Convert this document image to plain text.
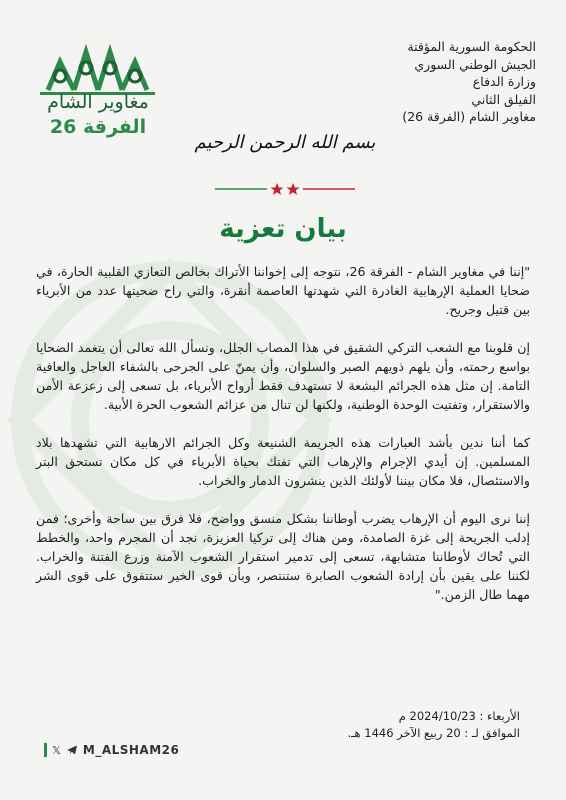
مغاوير الشام
الفرقة 26
الحكومة السورية المؤقتة
الجيش الوطني السوري
وزارة الدفاع
الفيلق الثاني
مغاوير الشام (الفرقة 26)
بسم الله الرحمن الرحيم
بيان تعزية

"إننا في مغاوير الشام - الفرقة 26، نتوجه إلى إخواننا الأتراك بخالص التعازي القلبية الحارة، في ضحايا العملية الإرهابية الغادرة التي شهدتها العاصمة أنقرة، والتي راح ضحيتها عدد من الأبرياء بين قتيل وجريح.

إن قلوبنا مع الشعب التركي الشقيق في هذا المصاب الجلل، ونسأل الله تعالى أن يتغمد الضحايا بواسع رحمته، وأن يلهم ذويهم الصبر والسلوان، وأن يمنّ على الجرحى بالشفاء العاجل والعافية التامة. إن مثل هذه الجرائم البشعة لا تستهدف فقط أرواح الأبرياء، بل تسعى إلى زعزعة الأمن والاستقرار، وتفتيت الوحدة الوطنية، ولكنها لن تنال من عزائم الشعوب الحرة الأبية.

كما أننا ندين بأشد العبارات هذه الجريمة الشنيعة وكل الجرائم الارهابية التي تشهدها بلاد المسلمين. إن أيدي الإجرام والإرهاب التي تفتك بحياة الأبرياء في كل مكان تستحق البتر والاستئصال، فلا مكان بيننا لأولئك الذين ينشرون الدمار والخراب.

إننا نرى اليوم أن الإرهاب يضرب أوطاننا بشكل منسق وواضح، فلا فرق بين ساحة وأخرى؛ فمن إدلب الجريحة إلى غزة الصامدة، ومن هناك إلى تركيا العزيزة، نجد أن المجرم واحد، والخطط التي تُحاك لأوطاننا متشابهة، تسعى إلى تدمير استقرار الشعوب الآمنة وزرع الفتنة والخراب. لكننا على يقين بأن إرادة الشعوب الصابرة ستنتصر، وبأن قوى الخير ستتفوق على قوى الشر مهما طال الزمن."

الأربعاء : 2024/10/23 م
الموافق لـ : 20 ربيع الآخر 1446 هـ.
𝕏 M_ALSHAM26
